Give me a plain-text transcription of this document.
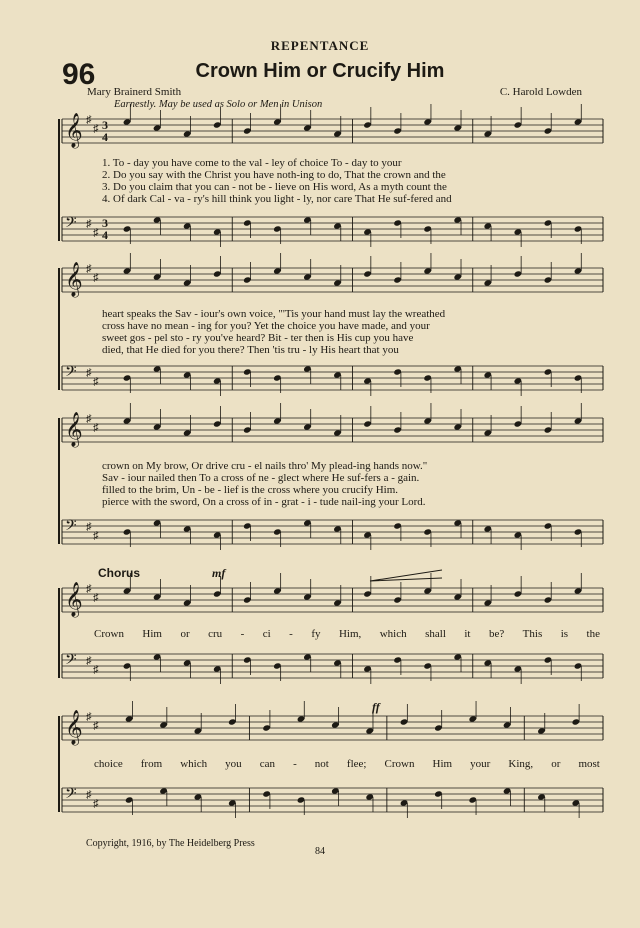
REPENTANCE
96	Crown Him or Crucify Him
Mary Brainerd Smith	C. Harold Lowden
Earnestly. May be used as Solo or Men in Unison
𝄞 ♯
♯
𝄢 ♯
♯
3
4
3
4
1. To - day you have come to the val - ley of choice To - day to your
2. Do you say with the Christ you have noth-ing to do, That the crown and the
3. Do you claim that you can - not be - lieve on His word, As a myth count the
4. Of dark Cal - va - ry's hill think you light - ly, nor care That He suf-fered and
𝄞 ♯
♯
𝄢 ♯
♯
heart speaks the Sav - iour's own voice, "'Tis your hand must lay the wreathed
cross have no mean - ing for you? Yet the choice you have made, and your
sweet gos - pel sto - ry you've heard? Bit - ter then is His cup you have
died, that He died for you there? Then 'tis tru - ly His heart that you
𝄞 ♯
♯
𝄢 ♯
♯
crown on My brow, Or drive cru - el nails thro' My plead-ing hands now."
Sav - iour nailed then To a cross of ne - glect where He suf-fers a - gain.
filled to the brim, Un - be - lief is the cross where you crucify Him.
pierce with the sword, On a cross of in - grat - i - tude nail-ing your Lord.
Chorus	mf
𝄞 ♯
♯
𝄢 ♯
♯
Crown Him or cru - ci - fy Him, which shall it be? This is the
ff
𝄞 ♯
♯
𝄢 ♯
♯
choice from which you can - not flee; Crown Him your King, or most
Copyright, 1916, by The Heidelberg Press
84
